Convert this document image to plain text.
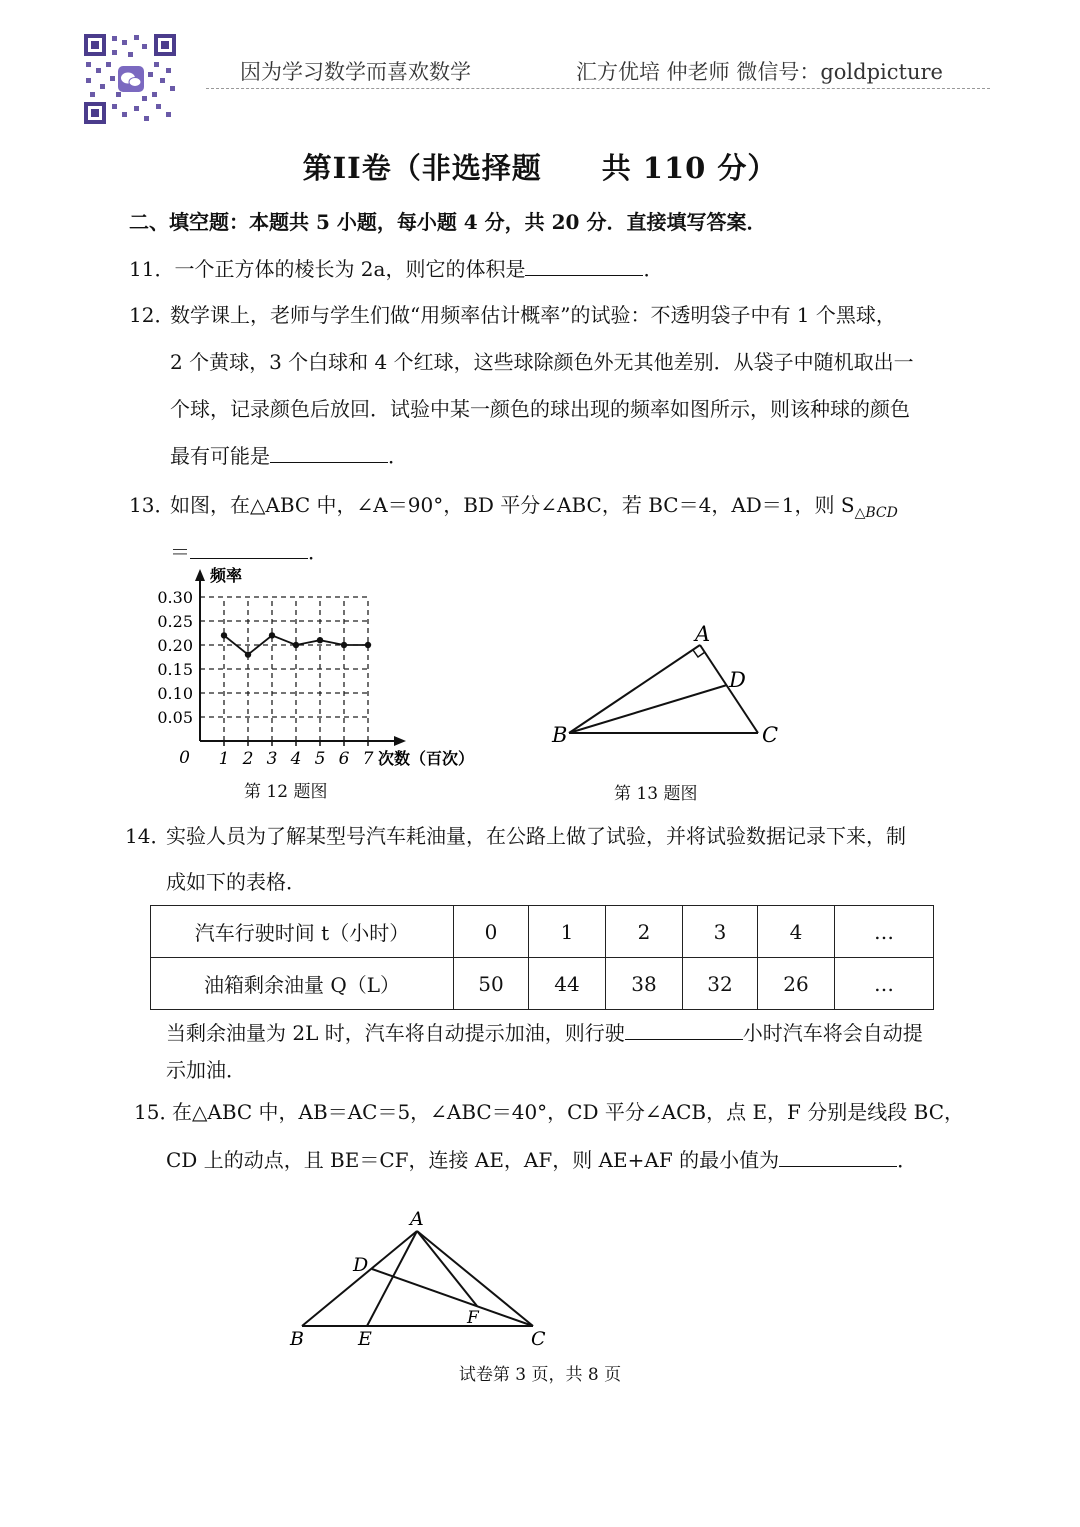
因为学习数学而喜欢数学	汇方优培 仲老师 微信号：goldpicture
第II卷（非选择题　　共 110 分）
二、填空题：本题共 5 小题，每小题 4 分，共 20 分．直接填写答案．
11．一个正方体的棱长为 2a，则它的体积是	．
12．
数学课上，老师与学生们做“用频率估计概率”的试验：不透明袋子中有 1 个黑球，
2 个黄球，3 个白球和 4 个红球，这些球除颜色外无其他差别．从袋子中随机取出一
个球，记录颜色后放回．试验中某一颜色的球出现的频率如图所示，则该种球的颜色
最有可能是	．
13．
如图，在△ABC 中，∠A＝90°，BD 平分∠ABC，若 BC＝4，AD＝1，则 $S_{\triangle BCD}$
＝	．
0.05
0.10
0.15
0.20
0.25
0.30
1 2 3 4 5 6 7
0
频率
次数（百次）
第 12 题图
A
D
B	C
第 13 题图
14．
实验人员为了解某型号汽车耗油量，在公路上做了试验，并将试验数据记录下来，制
成如下的表格．
汽车行驶时间 t（小时）	0	1	2	3	4	…
油箱剩余油量 Q（L）	50	44	38	32	26	…
当剩余油量为 2L 时，汽车将自动提示加油，则行驶	小时汽车将会自动提
示加油．
15．
在△ABC 中，AB＝AC＝5，∠ABC＝40°，CD 平分∠ACB，点 E，F 分别是线段 BC，
CD 上的动点，且 BE＝CF，连接 AE，AF，则 AE+AF 的最小值为	．
A
D
F
B	E	C
试卷第 3 页，共 8 页
